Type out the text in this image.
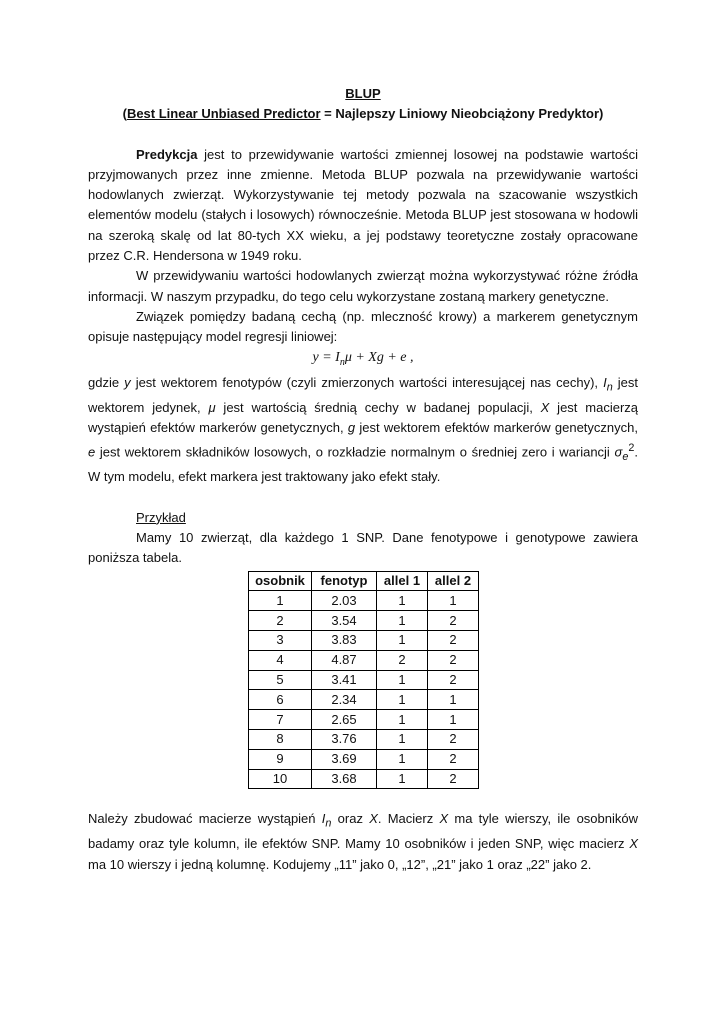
BLUP

(Best Linear Unbiased Predictor = Najlepszy Liniowy Nieobciążony Predyktor)

Predykcja jest to przewidywanie wartości zmiennej losowej na podstawie wartości przyjmowanych przez inne zmienne. Metoda BLUP pozwala na przewidywanie wartości hodowlanych zwierząt. Wykorzystywanie tej metody pozwala na szacowanie wszystkich elementów modelu (stałych i losowych) równocześnie. Metoda BLUP jest stosowana w hodowli na szeroką skalę od lat 80-tych XX wieku, a jej podstawy teoretyczne zostały opracowane przez C.R. Hendersona w 1949 roku.

W przewidywaniu wartości hodowlanych zwierząt można wykorzystywać różne źródła informacji. W naszym przypadku, do tego celu wykorzystane zostaną markery genetyczne.

Związek pomiędzy badaną cechą (np. mleczność krowy) a markerem genetycznym opisuje następujący model regresji liniowej:

$y = I_n\mu + Xg + e$ ,

gdzie y jest wektorem fenotypów (czyli zmierzonych wartości interesującej nas cechy), $I_n$ jest wektorem jedynek, μ jest wartością średnią cechy w badanej populacji, X jest macierzą wystąpień efektów markerów genetycznych, g jest wektorem efektów markerów genetycznych, e jest wektorem składników losowych, o rozkładzie normalnym o średniej zero i wariancji $\sigma_e^2$. W tym modelu, efekt markera jest traktowany jako efekt stały.

Przykład

Mamy 10 zwierząt, dla każdego 1 SNP. Dane fenotypowe i genotypowe zawiera poniższa tabela.

osobnik	fenotyp	allel 1	allel 2
1	2.03	1	1
2	3.54	1	2
3	3.83	1	2
4	4.87	2	2
5	3.41	1	2
6	2.34	1	1
7	2.65	1	1
8	3.76	1	2
9	3.69	1	2
10	3.68	1	2

Należy zbudować macierze wystąpień $I_n$ oraz X. Macierz X ma tyle wierszy, ile osobników badamy oraz tyle kolumn, ile efektów SNP. Mamy 10 osobników i jeden SNP, więc macierz X ma 10 wierszy i jedną kolumnę. Kodujemy „11” jako 0, „12”, „21” jako 1 oraz „22” jako 2.
